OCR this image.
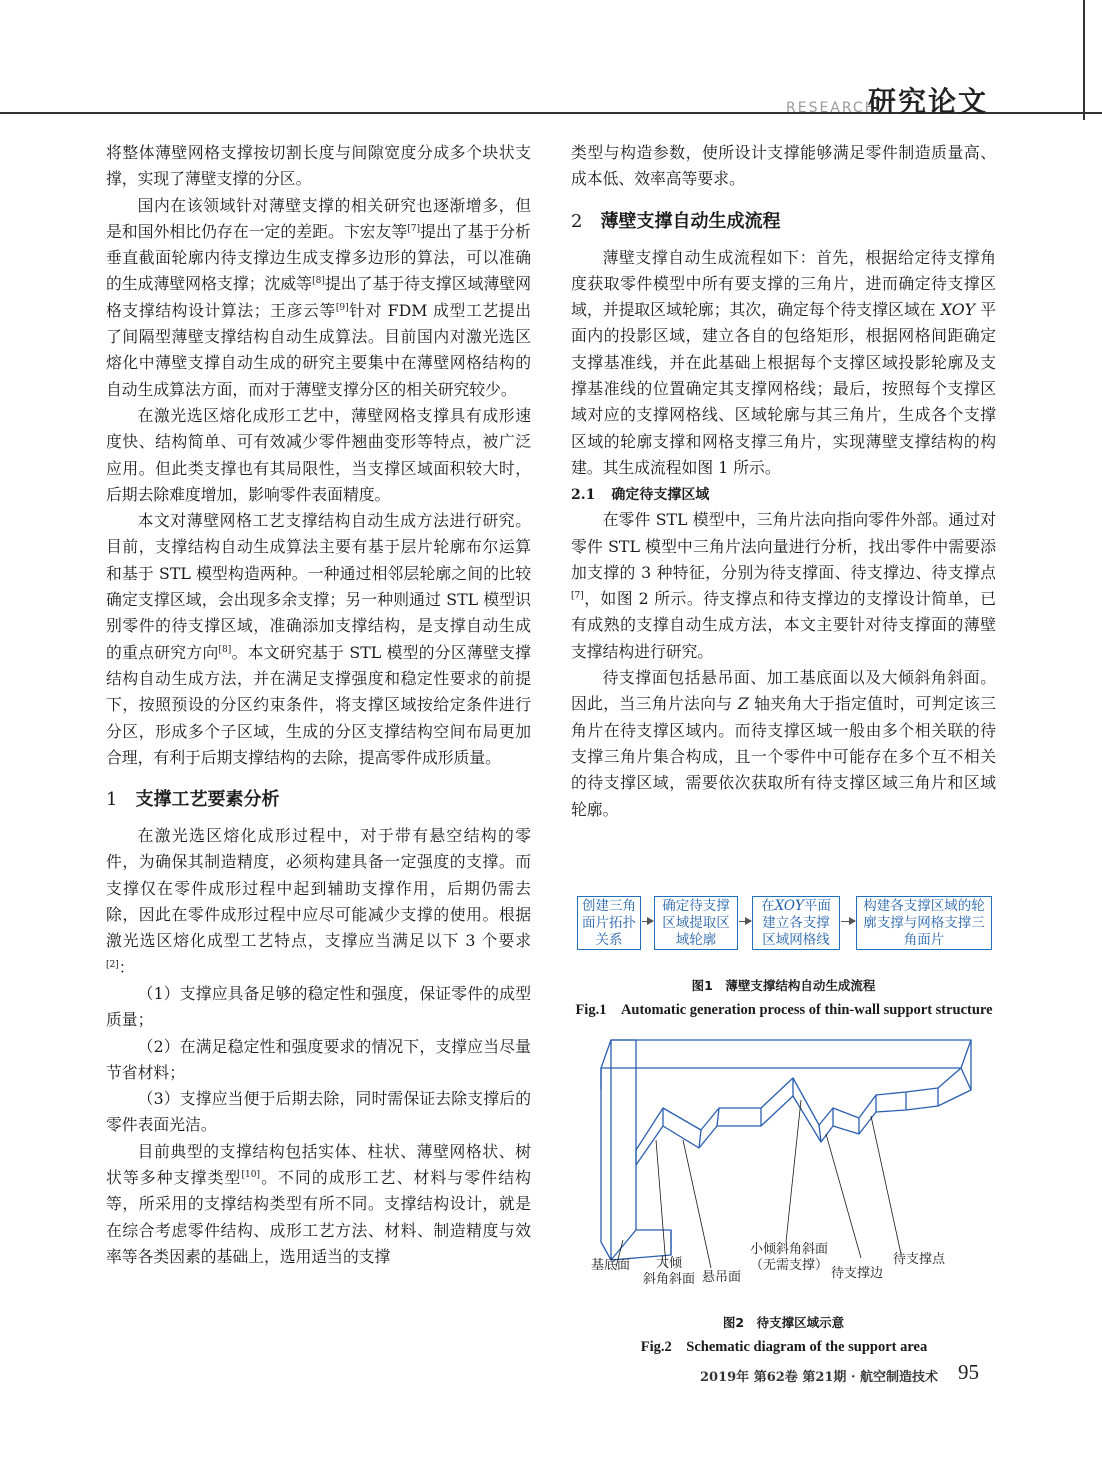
RESEARCH
研究论文

将整体薄壁网格支撑按切割长度与间隙宽度分成多个块状支撑，实现了薄壁支撑的分区。

国内在该领域针对薄壁支撑的相关研究也逐渐增多，但是和国外相比仍存在一定的差距。卞宏友等[7]提出了基于分析垂直截面轮廓内待支撑边生成支撑多边形的算法，可以准确的生成薄壁网格支撑；沈威等[8]提出了基于待支撑区域薄壁网格支撑结构设计算法；王彦云等[9]针对 FDM 成型工艺提出了间隔型薄壁支撑结构自动生成算法。目前国内对激光选区熔化中薄壁支撑自动生成的研究主要集中在薄壁网格结构的自动生成算法方面，而对于薄壁支撑分区的相关研究较少。

在激光选区熔化成形工艺中，薄壁网格支撑具有成形速度快、结构简单、可有效减少零件翘曲变形等特点，被广泛应用。但此类支撑也有其局限性，当支撑区域面积较大时，后期去除难度增加，影响零件表面精度。

本文对薄壁网格工艺支撑结构自动生成方法进行研究。目前，支撑结构自动生成算法主要有基于层片轮廓布尔运算和基于 STL 模型构造两种。一种通过相邻层轮廓之间的比较确定支撑区域，会出现多余支撑；另一种则通过 STL 模型识别零件的待支撑区域，准确添加支撑结构，是支撑自动生成的重点研究方向[8]。本文研究基于 STL 模型的分区薄壁支撑结构自动生成方法，并在满足支撑强度和稳定性要求的前提下，按照预设的分区约束条件，将支撑区域按给定条件进行分区，形成多个子区域，生成的分区支撑结构空间布局更加合理，有利于后期支撑结构的去除，提高零件成形质量。

1 支撑工艺要素分析

在激光选区熔化成形过程中，对于带有悬空结构的零件，为确保其制造精度，必须构建具备一定强度的支撑。而支撑仅在零件成形过程中起到辅助支撑作用，后期仍需去除，因此在零件成形过程中应尽可能减少支撑的使用。根据激光选区熔化成型工艺特点，支撑应当满足以下 3 个要求[2]：

（1）支撑应具备足够的稳定性和强度，保证零件的成型质量；

（2）在满足稳定性和强度要求的情况下，支撑应当尽量节省材料；

（3）支撑应当便于后期去除，同时需保证去除支撑后的零件表面光洁。

目前典型的支撑结构包括实体、柱状、薄壁网格状、树状等多种支撑类型[10]。不同的成形工艺、材料与零件结构等，所采用的支撑结构类型有所不同。支撑结构设计，就是在综合考虑零件结构、成形工艺方法、材料、制造精度与效率等各类因素的基础上，选用适当的支撑

类型与构造参数，使所设计支撑能够满足零件制造质量高、成本低、效率高等要求。

2 薄壁支撑自动生成流程

薄壁支撑自动生成流程如下：首先，根据给定待支撑角度获取零件模型中所有要支撑的三角片，进而确定待支撑区域，并提取区域轮廓；其次，确定每个待支撑区域在 XOY 平面内的投影区域，建立各自的包络矩形，根据网格间距确定支撑基准线，并在此基础上根据每个支撑区域投影轮廓及支撑基准线的位置确定其支撑网格线；最后，按照每个支撑区域对应的支撑网格线、区域轮廓与其三角片，生成各个支撑区域的轮廓支撑和网格支撑三角片，实现薄壁支撑结构的构建。其生成流程如图 1 所示。

2.1 确定待支撑区域

在零件 STL 模型中，三角片法向指向零件外部。通过对零件 STL 模型中三角片法向量进行分析，找出零件中需要添加支撑的 3 种特征，分别为待支撑面、待支撑边、待支撑点[7]，如图 2 所示。待支撑点和待支撑边的支撑设计简单，已有成熟的支撑自动生成方法，本文主要针对待支撑面的薄壁支撑结构进行研究。

待支撑面包括悬吊面、加工基底面以及大倾斜角斜面。因此，当三角片法向与 Z 轴夹角大于指定值时，可判定该三角片在待支撑区域内。而待支撑区域一般由多个相关联的待支撑三角片集合构成，且一个零件中可能存在多个互不相关的待支撑区域，需要依次获取所有待支撑区域三角片和区域轮廓。

创建三角面片拓扑关系
确定待支撑区域提取区域轮廓
在XOY平面建立各支撑区域网格线
构建各支撑区域的轮廓支撑与网格支撑三角面片
图1　薄壁支撑结构自动生成流程
Fig.1　Automatic generation process of thin-wall support structure
基底面	大倾
斜角斜面 悬吊面
小倾斜角斜面
（无需支撑）
待支撑边
待支撑点
图2　待支撑区域示意
Fig.2　Schematic diagram of the support area
2019年 第62卷 第21期 · 航空制造技术 95
